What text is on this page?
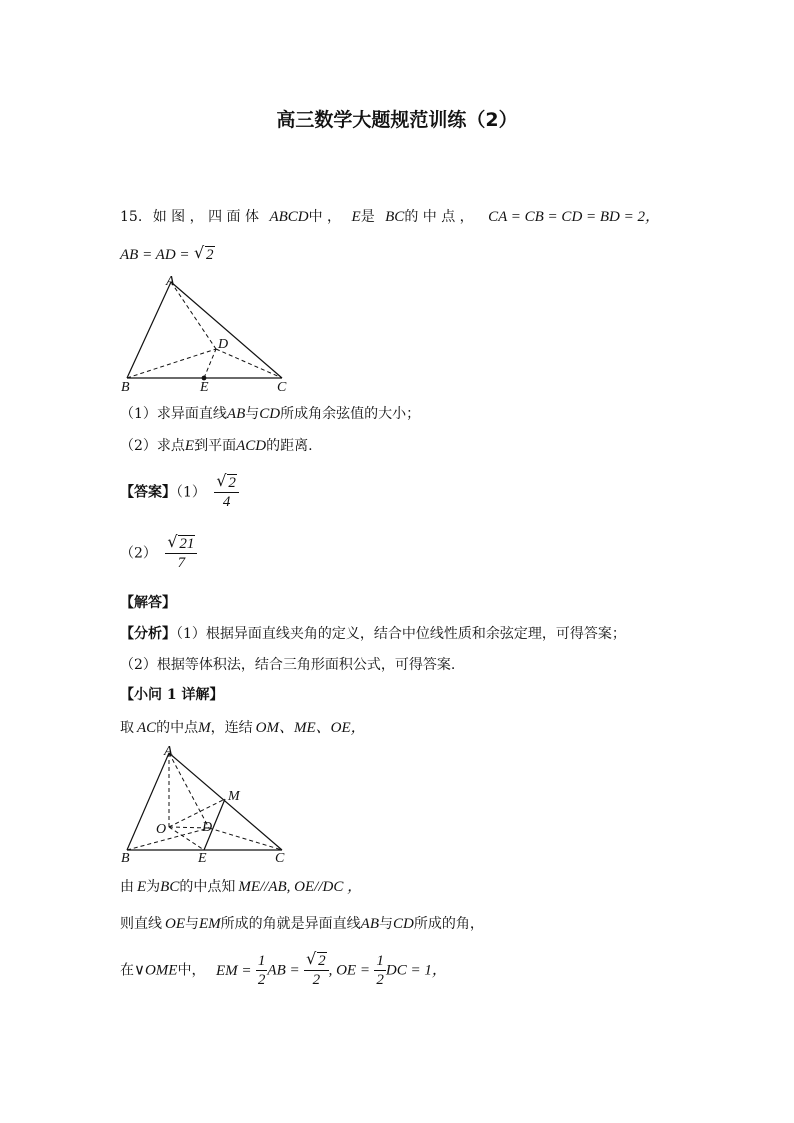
高三数学大题规范训练（2）
15. 如 图 ， 四 面 体 ABCD中 ， E是 BC的 中 点 ， CA = CB = CD = BD = 2，
AB = AD = √ 2
A
B	C
D
E
（1）求异面直线AB与CD所成角余弦值的大小；
（2）求点E到平面ACD的距离.
【答案】（1） √ $\frac{2}{4}$
（2） √ $\frac{21}{7}$
【解答】
【分析】（1）根据异面直线夹角的定义，结合中位线性质和余弦定理，可得答案；
（2）根据等体积法，结合三角形面积公式，可得答案.
【小问 1 详解】
取 AC的中点M，连结 OM、ME、OE，
A
M
O	D
B	E	C
由 E为BC的中点知 ME//AB, OE//DC ，
则直线 OE与EM所成的角就是异面直线AB与CD所成的角，
在∨OME中， EM = $\frac{1}{2}$ AB = √ $\frac{2}{2}$ , OE = $\frac{1}{2}$ DC = 1，
